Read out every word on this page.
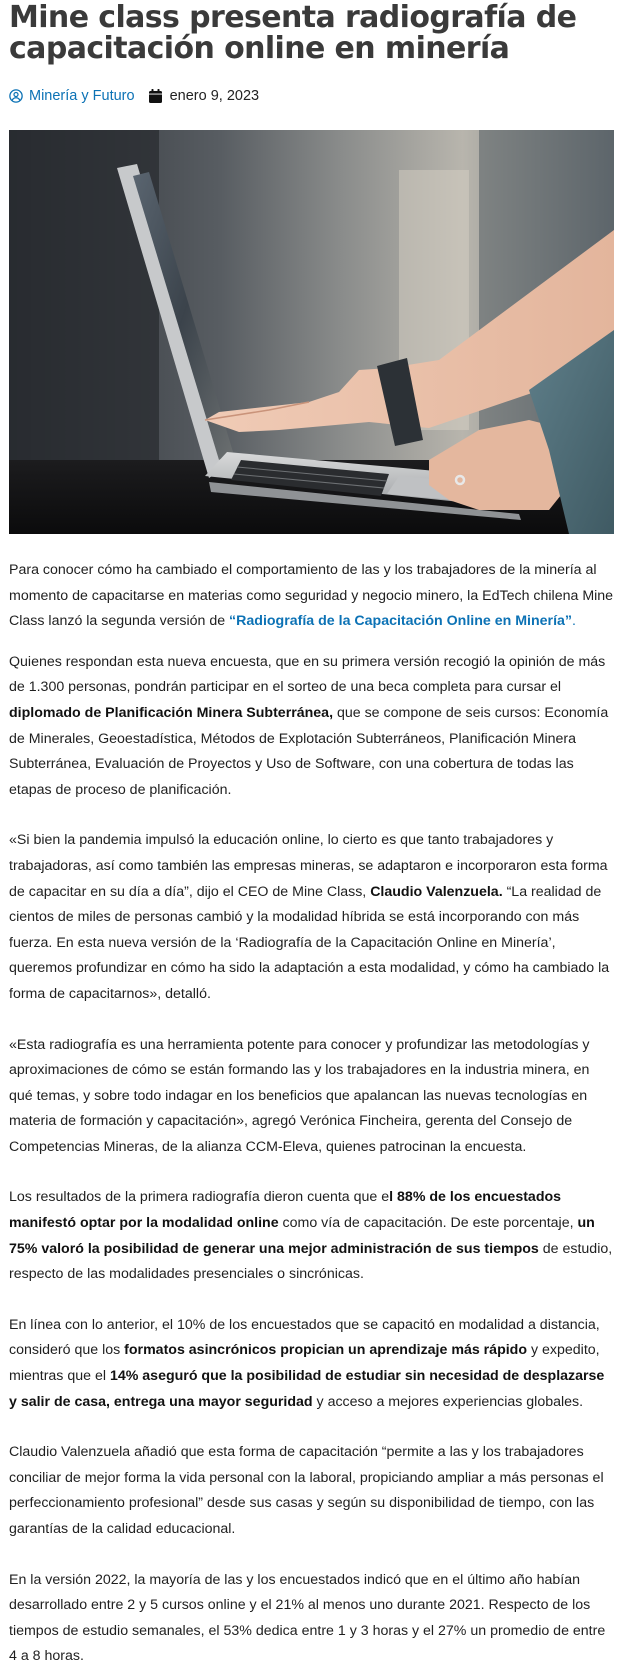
Mine class presenta radiografía de capacitación online en minería
Minería y Futuro enero 9, 2023

Para conocer cómo ha cambiado el comportamiento de las y los trabajadores de la minería al momento de capacitarse en materias como seguridad y negocio minero, la EdTech chilena Mine Class lanzó la segunda versión de “Radiografía de la Capacitación Online en Minería”.

Quienes respondan esta nueva encuesta, que en su primera versión recogió la opinión de más de 1.300 personas, pondrán participar en el sorteo de una beca completa para cursar el diplomado de Planificación Minera Subterránea, que se compone de seis cursos: Economía de Minerales, Geoestadística, Métodos de Explotación Subterráneos, Planificación Minera Subterránea, Evaluación de Proyectos y Uso de Software, con una cobertura de todas las etapas de proceso de planificación.

«Si bien la pandemia impulsó la educación online, lo cierto es que tanto trabajadores y trabajadoras, así como también las empresas mineras, se adaptaron e incorporaron esta forma de capacitar en su día a día”, dijo el CEO de Mine Class, Claudio Valenzuela. “La realidad de cientos de miles de personas cambió y la modalidad híbrida se está incorporando con más fuerza. En esta nueva versión de la ‘Radiografía de la Capacitación Online en Minería’, queremos profundizar en cómo ha sido la adaptación a esta modalidad, y cómo ha cambiado la forma de capacitarnos», detalló.

«Esta radiografía es una herramienta potente para conocer y profundizar las metodologías y aproximaciones de cómo se están formando las y los trabajadores en la industria minera, en qué temas, y sobre todo indagar en los beneficios que apalancan las nuevas tecnologías en materia de formación y capacitación», agregó Verónica Fincheira, gerenta del Consejo de Competencias Mineras, de la alianza CCM-Eleva, quienes patrocinan la encuesta.

Los resultados de la primera radiografía dieron cuenta que el 88% de los encuestados manifestó optar por la modalidad online como vía de capacitación. De este porcentaje, un 75% valoró la posibilidad de generar una mejor administración de sus tiempos de estudio, respecto de las modalidades presenciales o sincrónicas.

En línea con lo anterior, el 10% de los encuestados que se capacitó en modalidad a distancia, consideró que los formatos asincrónicos propician un aprendizaje más rápido y expedito, mientras que el 14% aseguró que la posibilidad de estudiar sin necesidad de desplazarse y salir de casa, entrega una mayor seguridad y acceso a mejores experiencias globales.

Claudio Valenzuela añadió que esta forma de capacitación “permite a las y los trabajadores conciliar de mejor forma la vida personal con la laboral, propiciando ampliar a más personas el perfeccionamiento profesional” desde sus casas y según su disponibilidad de tiempo, con las garantías de la calidad educacional.

En la versión 2022, la mayoría de las y los encuestados indicó que en el último año habían desarrollado entre 2 y 5 cursos online y el 21% al menos uno durante 2021. Respecto de los tiempos de estudio semanales, el 53% dedica entre 1 y 3 horas y el 27% un promedio de entre 4 a 8 horas.
